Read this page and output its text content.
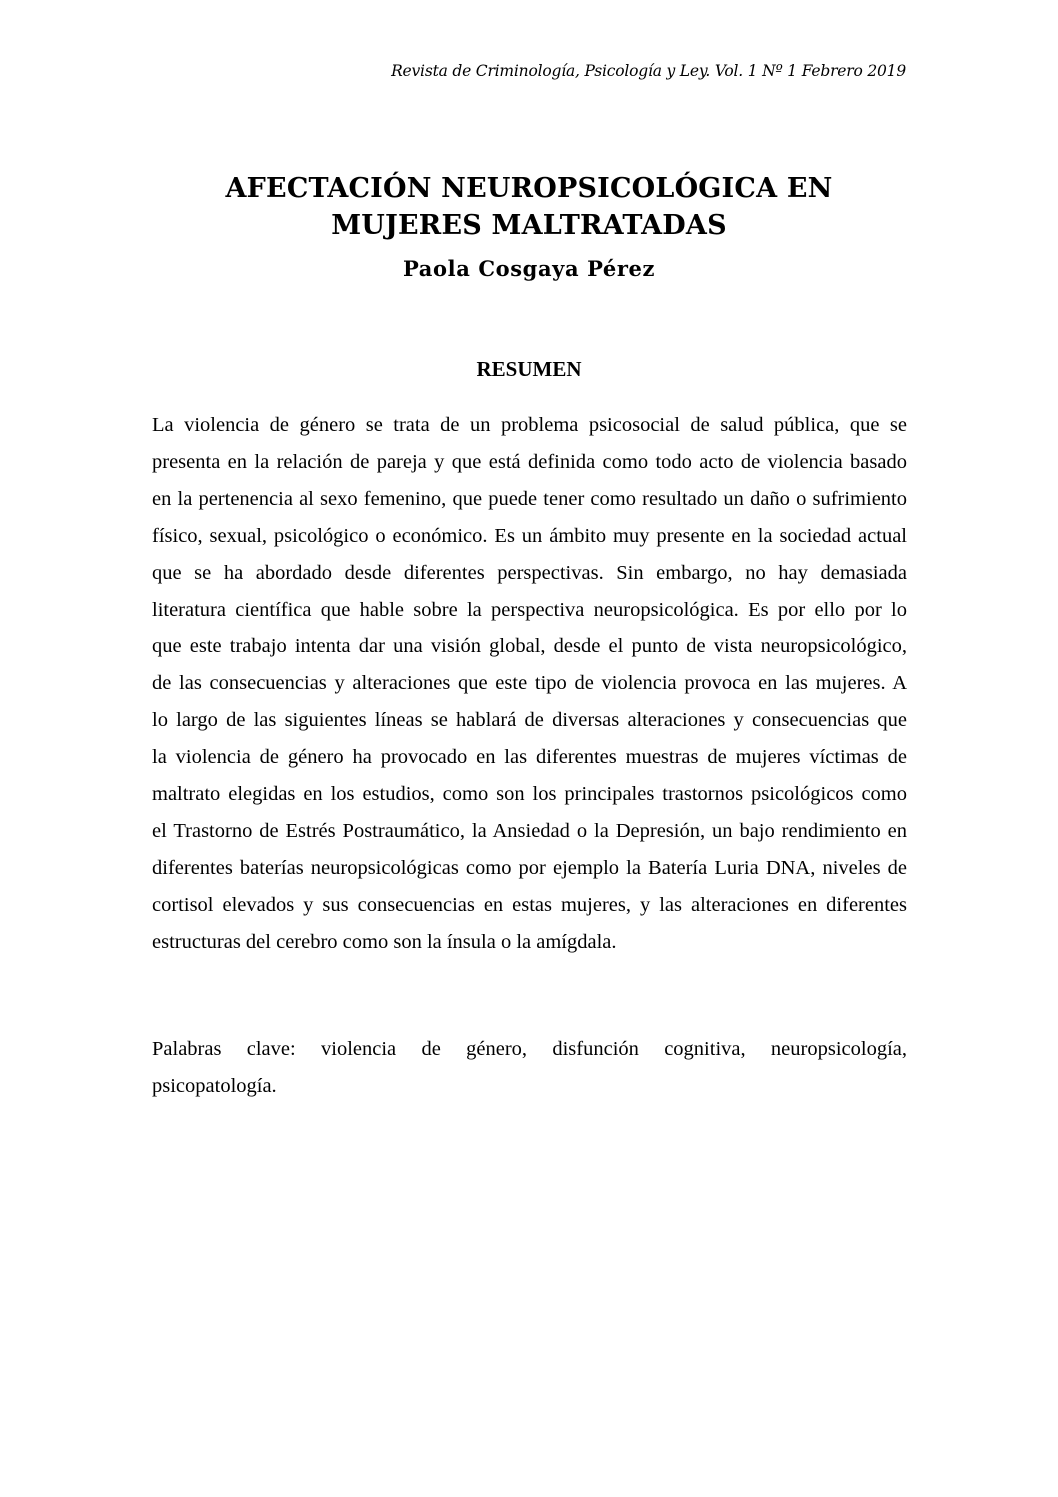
Revista de Criminología, Psicología y Ley. Vol. 1 Nº 1 Febrero 2019
AFECTACIÓN NEUROPSICOLÓGICA EN
MUJERES MALTRATADAS
Paola Cosgaya Pérez
RESUMEN
La violencia de género se trata de un problema psicosocial de salud pública, que se
presenta en la relación de pareja y que está definida como todo acto de violencia basado
en la pertenencia al sexo femenino, que puede tener como resultado un daño o sufrimiento
físico, sexual, psicológico o económico. Es un ámbito muy presente en la sociedad actual
que se ha abordado desde diferentes perspectivas. Sin embargo, no hay demasiada
literatura científica que hable sobre la perspectiva neuropsicológica. Es por ello por lo
que este trabajo intenta dar una visión global, desde el punto de vista neuropsicológico,
de las consecuencias y alteraciones que este tipo de violencia provoca en las mujeres. A
lo largo de las siguientes líneas se hablará de diversas alteraciones y consecuencias que
la violencia de género ha provocado en las diferentes muestras de mujeres víctimas de
maltrato elegidas en los estudios, como son los principales trastornos psicológicos como
el Trastorno de Estrés Postraumático, la Ansiedad o la Depresión, un bajo rendimiento en
diferentes baterías neuropsicológicas como por ejemplo la Batería Luria DNA, niveles de
cortisol elevados y sus consecuencias en estas mujeres, y las alteraciones en diferentes
estructuras del cerebro como son la ínsula o la amígdala.
Palabras clave: violencia de género, disfunción cognitiva, neuropsicología,
psicopatología.
